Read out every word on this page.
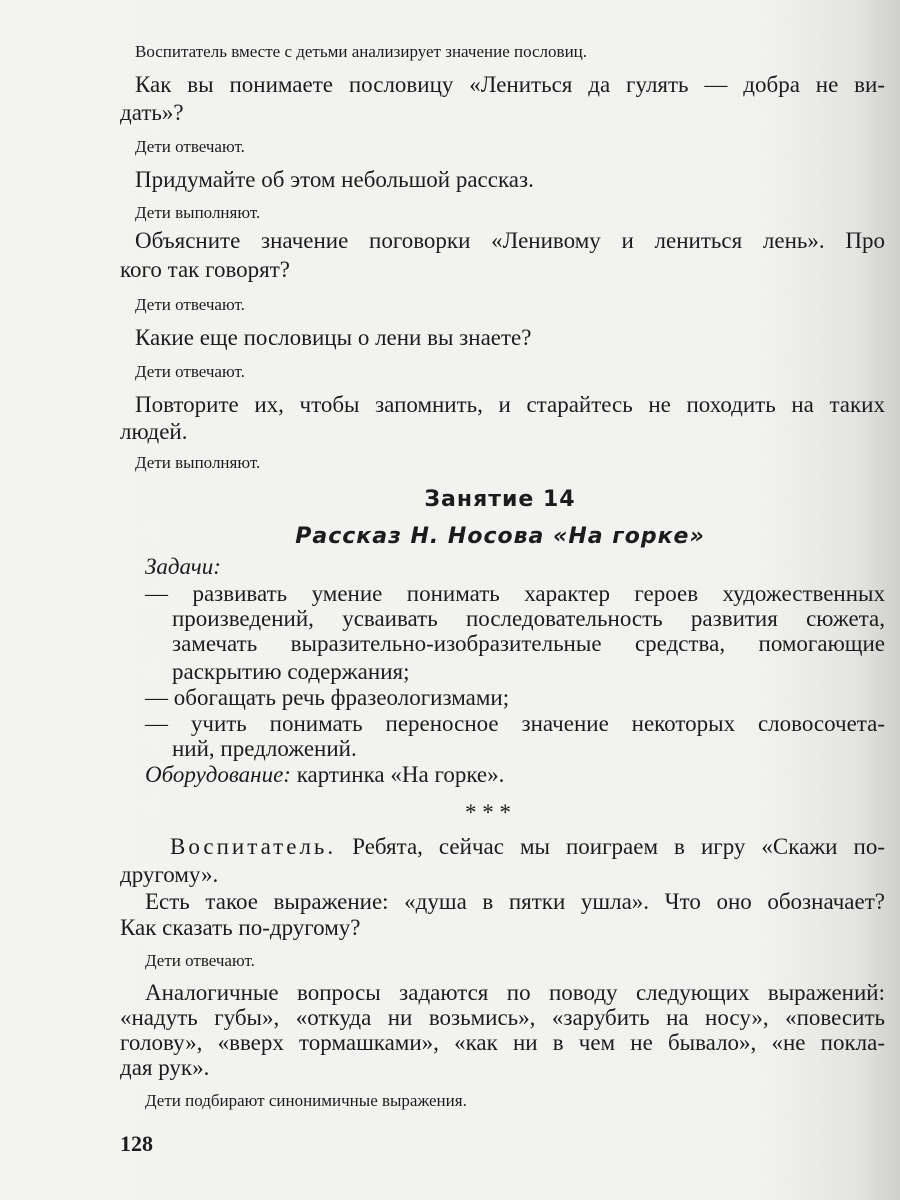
Воспитатель вместе с детьми анализирует значение пословиц.
Как вы понимаете пословицу «Лениться да гулять — добра не ви-
дать»?
Дети отвечают.
Придумайте об этом небольшой рассказ.
Дети выполняют.
Объясните значение поговорки «Ленивому и лениться лень». Про
кого так говорят?
Дети отвечают.
Какие еще пословицы о лени вы знаете?
Дети отвечают.
Повторите их, чтобы запомнить, и старайтесь не походить на таких
людей.
Дети выполняют.
Занятие 14
Рассказ Н. Носова «На горке»
Задачи:
— развивать умение понимать характер героев художественных
произведений, усваивать последовательность развития сюжета,
замечать выразительно-изобразительные средства, помогающие
раскрытию содержания;
— обогащать речь фразеологизмами;
— учить понимать переносное значение некоторых словосочета-
ний, предложений.
Оборудование: картинка «На горке».
* * *
Воспитатель. Ребята, сейчас мы поиграем в игру «Скажи по-
другому».
Есть такое выражение: «душа в пятки ушла». Что оно обозначает?
Как сказать по-другому?
Дети отвечают.
Аналогичные вопросы задаются по поводу следующих выражений:
«надуть губы», «откуда ни возьмись», «зарубить на носу», «повесить
голову», «вверх тормашками», «как ни в чем не бывало», «не покла-
дая рук».
Дети подбирают синонимичные выражения.
128
